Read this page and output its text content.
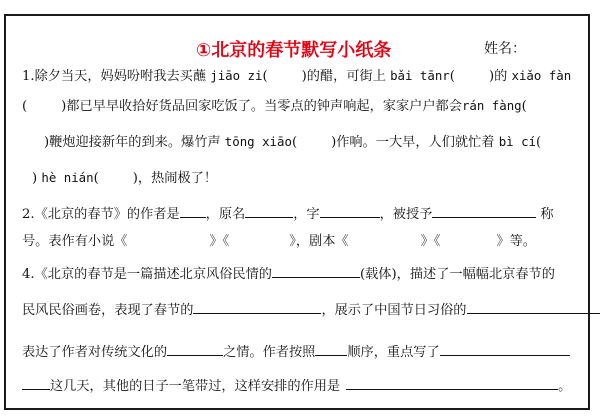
①北京的春节默写小纸条	姓名：
1.除夕当天，妈妈吩咐我去买蘸 jiāo zi(	)的醋，可街上 bǎi tānr(	)的 xiǎo fàn
(	)都已早早收拾好货品回家吃饭了。当零点的钟声响起，家家户户都会rán fàng(
)鞭炮迎接新年的到来。爆竹声 tōng xiāo(	)作响。一大早，人们就忙着 bì cí(
) hè nián(	)，热闹极了！
2.《北京的春节》的作者是 ，原名	，字	，被授予	称
号。表作有小说《	》《	》，剧本《	》《	》等。
4.《北京的春节是一篇描述北京风俗民情的	(载体)，描述了一幅幅北京春节的
民风民俗画卷，表现了春节的	，展示了中国节日习俗的
表达了作者对传统文化的	之情。作者按照 顺序，重点写了
这几天，其他的日子一笔带过，这样安排的作用是	。
